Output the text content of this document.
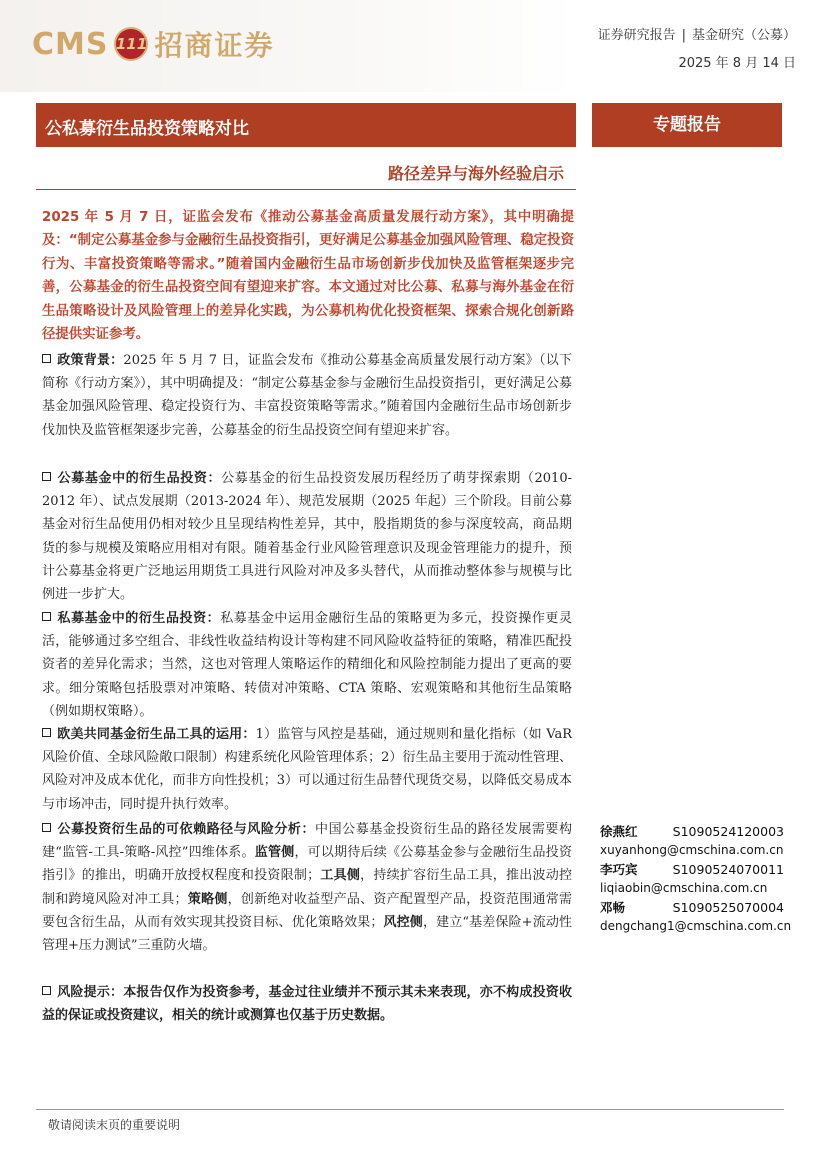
CMS 111 招商证券	证券研究报告 | 基金研究（公募）
2025 年 8 月 14 日
公私募衍生品投资策略对比	专题报告
路径差异与海外经验启示
2025 年 5 月 7 日，证监会发布《推动公募基金高质量发展行动方案》，其中明确提及：“制定公募基金参与金融衍生品投资指引，更好满足公募基金加强风险管理、稳定投资行为、丰富投资策略等需求。”随着国内金融衍生品市场创新步伐加快及监管框架逐步完善，公募基金的衍生品投资空间有望迎来扩容。本文通过对比公募、私募与海外基金在衍生品策略设计及风险管理上的差异化实践，为公募机构优化投资框架、探索合规化创新路径提供实证参考。
政策背景：2025 年 5 月 7 日，证监会发布《推动公募基金高质量发展行动方案》（以下简称《行动方案》），其中明确提及：“制定公募基金参与金融衍生品投资指引，更好满足公募基金加强风险管理、稳定投资行为、丰富投资策略等需求。”随着国内金融衍生品市场创新步伐加快及监管框架逐步完善，公募基金的衍生品投资空间有望迎来扩容。
公募基金中的衍生品投资：公募基金的衍生品投资发展历程经历了萌芽探索期（2010-2012 年）、试点发展期（2013-2024 年）、规范发展期（2025 年起）三个阶段。目前公募基金对衍生品使用仍相对较少且呈现结构性差异，其中，股指期货的参与深度较高，商品期货的参与规模及策略应用相对有限。随着基金行业风险管理意识及现金管理能力的提升，预计公募基金将更广泛地运用期货工具进行风险对冲及多头替代，从而推动整体参与规模与比例进一步扩大。
私募基金中的衍生品投资：私募基金中运用金融衍生品的策略更为多元，投资操作更灵活，能够通过多空组合、非线性收益结构设计等构建不同风险收益特征的策略，精准匹配投资者的差异化需求；当然，这也对管理人策略运作的精细化和风险控制能力提出了更高的要求。细分策略包括股票对冲策略、转债对冲策略、CTA 策略、宏观策略和其他衍生品策略（例如期权策略）。
欧美共同基金衍生品工具的运用：1）监管与风控是基础，通过规则和量化指标（如 VaR 风险价值、全球风险敞口限制）构建系统化风险管理体系；2）衍生品主要用于流动性管理、风险对冲及成本优化，而非方向性投机；3）可以通过衍生品替代现货交易，以降低交易成本与市场冲击，同时提升执行效率。
公募投资衍生品的可依赖路径与风险分析：中国公募基金投资衍生品的路径发展需要构建“监管-工具-策略-风控”四维体系。监管侧，可以期待后续《公募基金参与金融衍生品投资指引》的推出，明确开放授权程度和投资限制；工具侧，持续扩容衍生品工具，推出波动控制和跨境风险对冲工具；策略侧，创新绝对收益型产品、资产配置型产品，投资范围通常需要包含衍生品，从而有效实现其投资目标、优化策略效果；风控侧，建立“基差保险+流动性管理+压力测试”三重防火墙。
风险提示：本报告仅作为投资参考，基金过往业绩并不预示其未来表现，亦不构成投资收益的保证或投资建议，相关的统计或测算也仅基于历史数据。
徐燕红	S1090524120003
xuyanhong@cmschina.com.cn
李巧宾	S1090524070011
liqiaobin@cmschina.com.cn
邓畅	S1090525070004
dengchang1@cmschina.com.cn
敬请阅读末页的重要说明
